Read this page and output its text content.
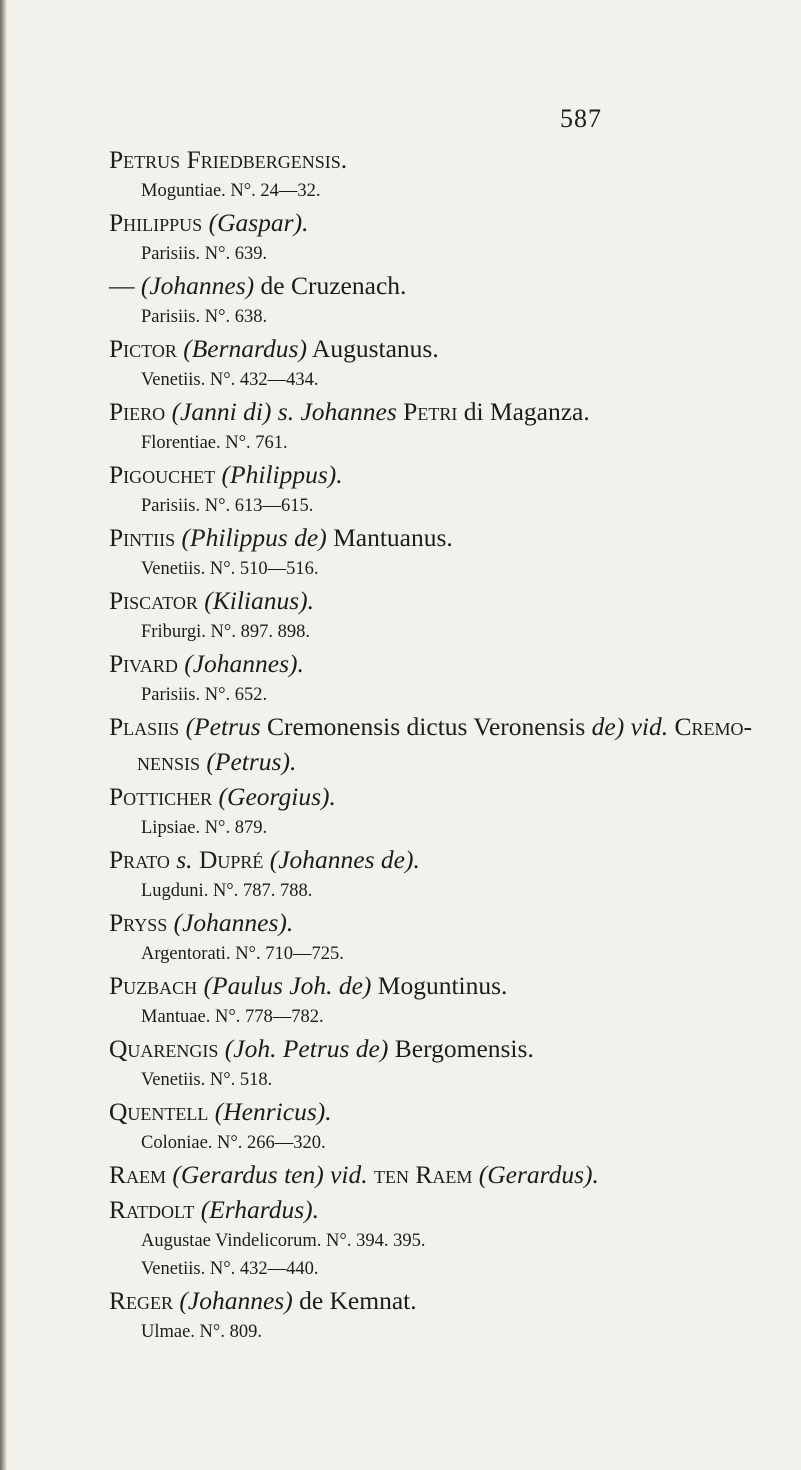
587
Petrus Friedbergensis.
Moguntiae. N°. 24—32.
Philippus (Gaspar).
Parisiis. N°. 639.
— (Johannes) de Cruzenach.
Parisiis. N°. 638.
Pictor (Bernardus) Augustanus.
Venetiis. N°. 432—434.
Piero (Janni di) s. Johannes Petri di Maganza.
Florentiae. N°. 761.
Pigouchet (Philippus).
Parisiis. N°. 613—615.
Pintiis (Philippus de) Mantuanus.
Venetiis. N°. 510—516.
Piscator (Kilianus).
Friburgi. N°. 897. 898.
Pivard (Johannes).
Parisiis. N°. 652.
Plasiis (Petrus Cremonensis dictus Veronensis de) vid. Cremo-
nensis (Petrus).
Potticher (Georgius).
Lipsiae. N°. 879.
Prato s. Dupré (Johannes de).
Lugduni. N°. 787. 788.
Pryss (Johannes).
Argentorati. N°. 710—725.
Puzbach (Paulus Joh. de) Moguntinus.
Mantuae. N°. 778—782.
Quarengis (Joh. Petrus de) Bergomensis.
Venetiis. N°. 518.
Quentell (Henricus).
Coloniae. N°. 266—320.
Raem (Gerardus ten) vid. ten Raem (Gerardus).
Ratdolt (Erhardus).
Augustae Vindelicorum. N°. 394. 395.
Venetiis. N°. 432—440.
Reger (Johannes) de Kemnat.
Ulmae. N°. 809.
